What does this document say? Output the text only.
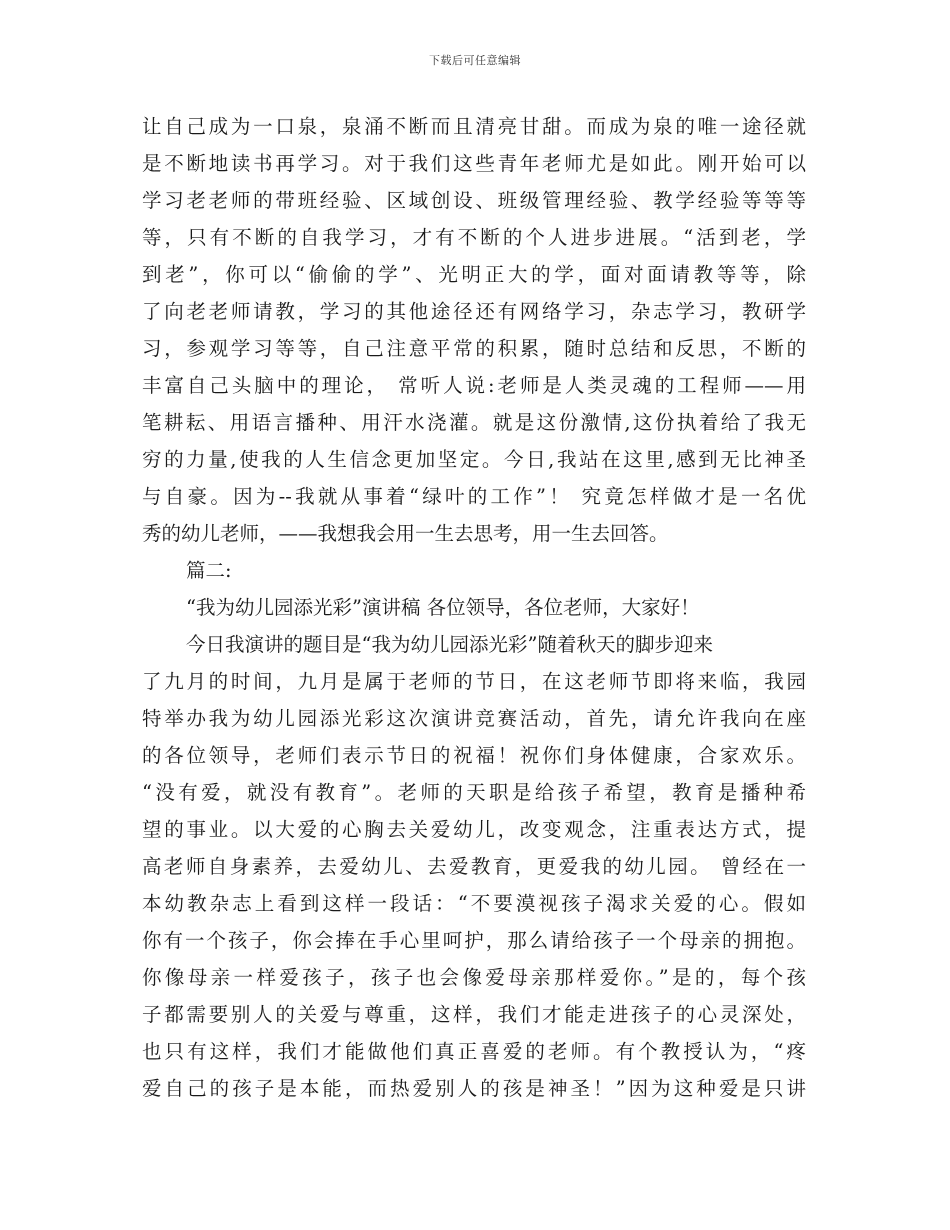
下载后可任意编辑
让自己成为一口泉，泉涌不断而且清亮甘甜。而成为泉的唯一途径就
是不断地读书再学习。对于我们这些青年老师尤是如此。刚开始可以
学习老老师的带班经验、区域创设、班级管理经验、教学经验等等等
等，只有不断的自我学习，才有不断的个人进步进展。“活到老，学
到老”，你可以“偷偷的学”、光明正大的学，面对面请教等等，除
了向老老师请教，学习的其他途径还有网络学习，杂志学习，教研学
习，参观学习等等，自己注意平常的积累，随时总结和反思，不断的
丰富自己头脑中的理论， 常听人说:老师是人类灵魂的工程师——用
笔耕耘、用语言播种、用汗水浇灌。就是这份激情,这份执着给了我无
穷的力量,使我的人生信念更加坚定。今日,我站在这里,感到无比神圣
与自豪。因为--我就从事着“绿叶的工作”！ 究竟怎样做才是一名优
秀的幼儿老师，——我想我会用一生去思考，用一生去回答。
篇二:
“我为幼儿园添光彩”演讲稿 各位领导，各位老师，大家好！
今日我演讲的题目是“我为幼儿园添光彩”随着秋天的脚步迎来
了九月的时间，九月是属于老师的节日，在这老师节即将来临，我园
特举办我为幼儿园添光彩这次演讲竞赛活动，首先，请允许我向在座
的各位领导，老师们表示节日的祝福！祝你们身体健康，合家欢乐。
“没有爱，就没有教育”。老师的天职是给孩子希望，教育是播种希
望的事业。以大爱的心胸去关爱幼儿，改变观念，注重表达方式，提
高老师自身素养，去爱幼儿、去爱教育，更爱我的幼儿园。 曾经在一
本幼教杂志上看到这样一段话：“不要漠视孩子渴求关爱的心。假如
你有一个孩子，你会捧在手心里呵护，那么请给孩子一个母亲的拥抱。
你像母亲一样爱孩子，孩子也会像爱母亲那样爱你。”是的，每个孩
子都需要别人的关爱与尊重，这样，我们才能走进孩子的心灵深处，
也只有这样，我们才能做他们真正喜爱的老师。有个教授认为，“疼
爱自己的孩子是本能，而热爱别人的孩是神圣！”因为这种爱是只讲
